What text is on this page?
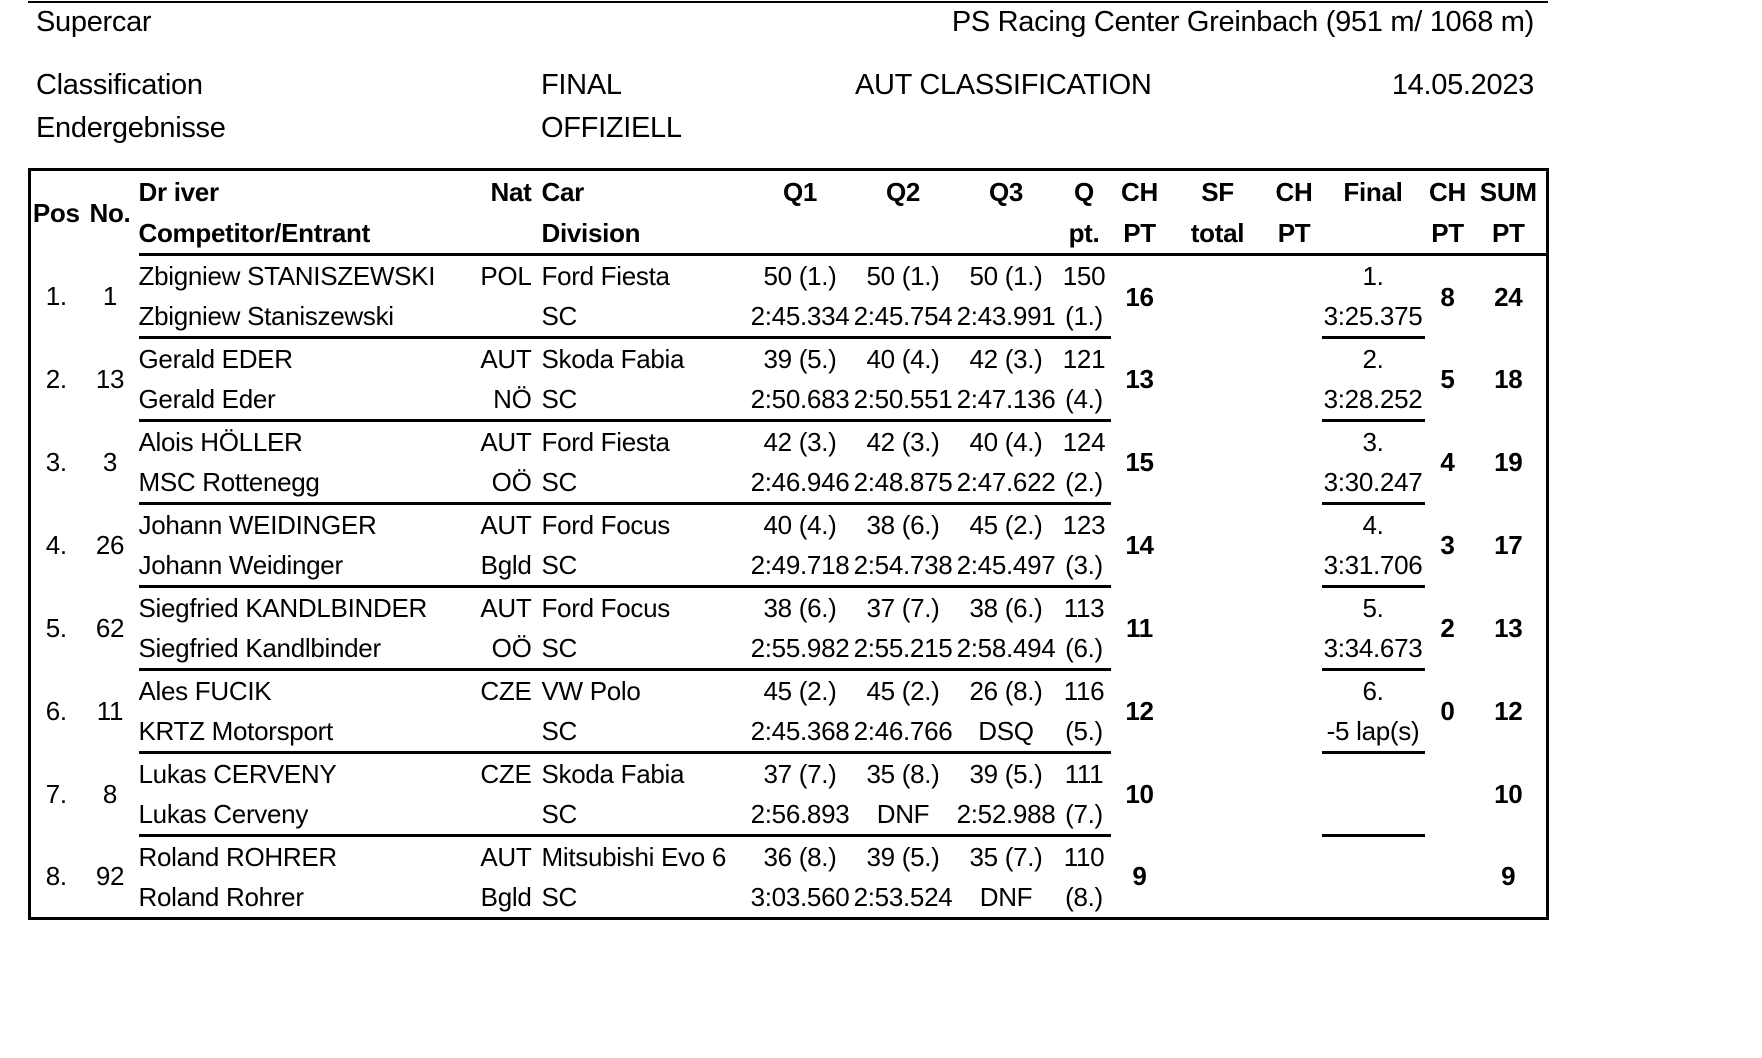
Supercar	PS Racing Center Greinbach (951 m/ 1068 m)
Classification
Endergebnisse
FINAL
OFFIZIELL
AUT CLASSIFICATION	14.05.2023
Pos	No.	Dr iver	Nat	Car	Q1	Q2	Q3	Q	CH	SF	CH	Final	CH	SUM
		Competitor/Entrant		Division				pt.	PT	total	PT		PT	PT
1.	1	Zbigniew STANISZEWSKI	POL	Ford Fiesta	50 (1.)	50 (1.)	50 (1.)	150	16			1.	8	24
		Zbigniew Staniszewski		SC	2:45.334	2:45.754	2:43.991	(1.)				3:25.375		
2.	13	Gerald EDER	AUT	Skoda Fabia	39 (5.)	40 (4.)	42 (3.)	121	13			2.	5	18
		Gerald Eder	NÖ	SC	2:50.683	2:50.551	2:47.136	(4.)				3:28.252		
3.	3	Alois HÖLLER	AUT	Ford Fiesta	42 (3.)	42 (3.)	40 (4.)	124	15			3.	4	19
		MSC Rottenegg	OÖ	SC	2:46.946	2:48.875	2:47.622	(2.)				3:30.247		
4.	26	Johann WEIDINGER	AUT	Ford Focus	40 (4.)	38 (6.)	45 (2.)	123	14			4.	3	17
		Johann Weidinger	Bgld	SC	2:49.718	2:54.738	2:45.497	(3.)				3:31.706		
5.	62	Siegfried KANDLBINDER	AUT	Ford Focus	38 (6.)	37 (7.)	38 (6.)	113	11			5.	2	13
		Siegfried Kandlbinder	OÖ	SC	2:55.982	2:55.215	2:58.494	(6.)				3:34.673		
6.	11	Ales FUCIK	CZE	VW Polo	45 (2.)	45 (2.)	26 (8.)	116	12			6.	0	12
		KRTZ Motorsport		SC	2:45.368	2:46.766	DSQ	(5.)				-5 lap(s)		
7.	8	Lukas CERVENY	CZE	Skoda Fabia	37 (7.)	35 (8.)	39 (5.)	111	10					10
		Lukas Cerveny		SC	2:56.893	DNF	2:52.988	(7.)						
8.	92	Roland ROHRER	AUT	Mitsubishi Evo 6	36 (8.)	39 (5.)	35 (7.)	110	9					9
		Roland Rohrer	Bgld	SC	3:03.560	2:53.524	DNF	(8.)						
